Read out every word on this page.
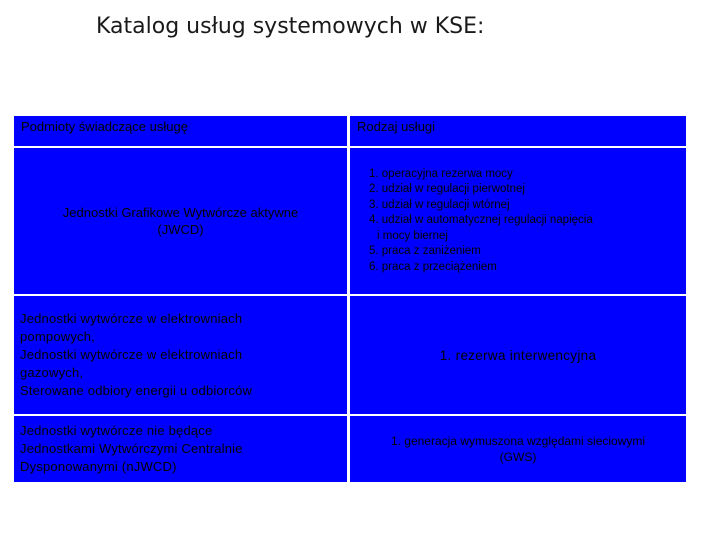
Katalog usług systemowych w KSE:
Podmioty świadczące usługę	Rodzaj usługi
Jednostki Grafikowe Wytwórcze aktywne
(JWCD)
1. operacyjna rezerwa mocy
2. udział w regulacji pierwotnej
3. udział w regulacji wtórnej
4. udział w automatycznej regulacji napięcia
i mocy biernej
5. praca z zaniżeniem
6. praca z przeciążeniem
Jednostki wytwórcze w elektrowniach
pompowych,
Jednostki wytwórcze w elektrowniach
gazowych,
Sterowane odbiory energii u odbiorców
1. rezerwa interwencyjna
Jednostki wytwórcze nie będące
Jednostkami Wytwórczymi Centralnie
Dysponowanymi (nJWCD)
1. generacja wymuszona względami sieciowymi
(GWS)
